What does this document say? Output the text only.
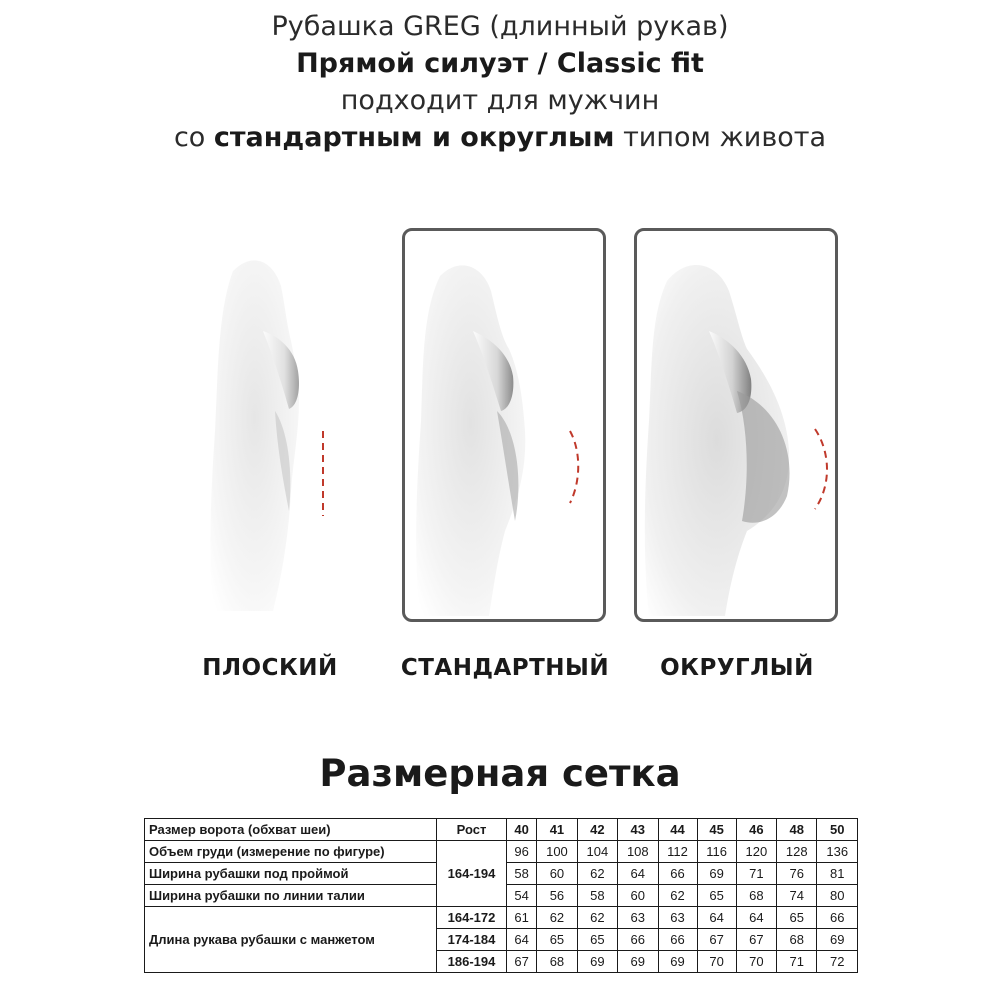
Рубашка GREG (длинный рукав)
Прямой силуэт / Classic fit
подходит для мужчин
со стандартным и округлым типом живота
ПЛОСКИЙ	СТАНДАРТНЫЙ	ОКРУГЛЫЙ
Размерная сетка
Размер ворота (обхват шеи)	Рост	40	41	42	43	44	45	46	48	50
Объем груди (измерение по фигуре)	164-194	96	100	104	108	112	116	120	128	136
Ширина рубашки под проймой		58	60	62	64	66	69	71	76	81
Ширина рубашки по линии талии		54	56	58	60	62	65	68	74	80
Длина рукава рубашки с манжетом	164-172	61	62	62	63	63	64	64	65	66
	174-184	64	65	65	66	66	67	67	68	69
	186-194	67	68	69	69	69	70	70	71	72
